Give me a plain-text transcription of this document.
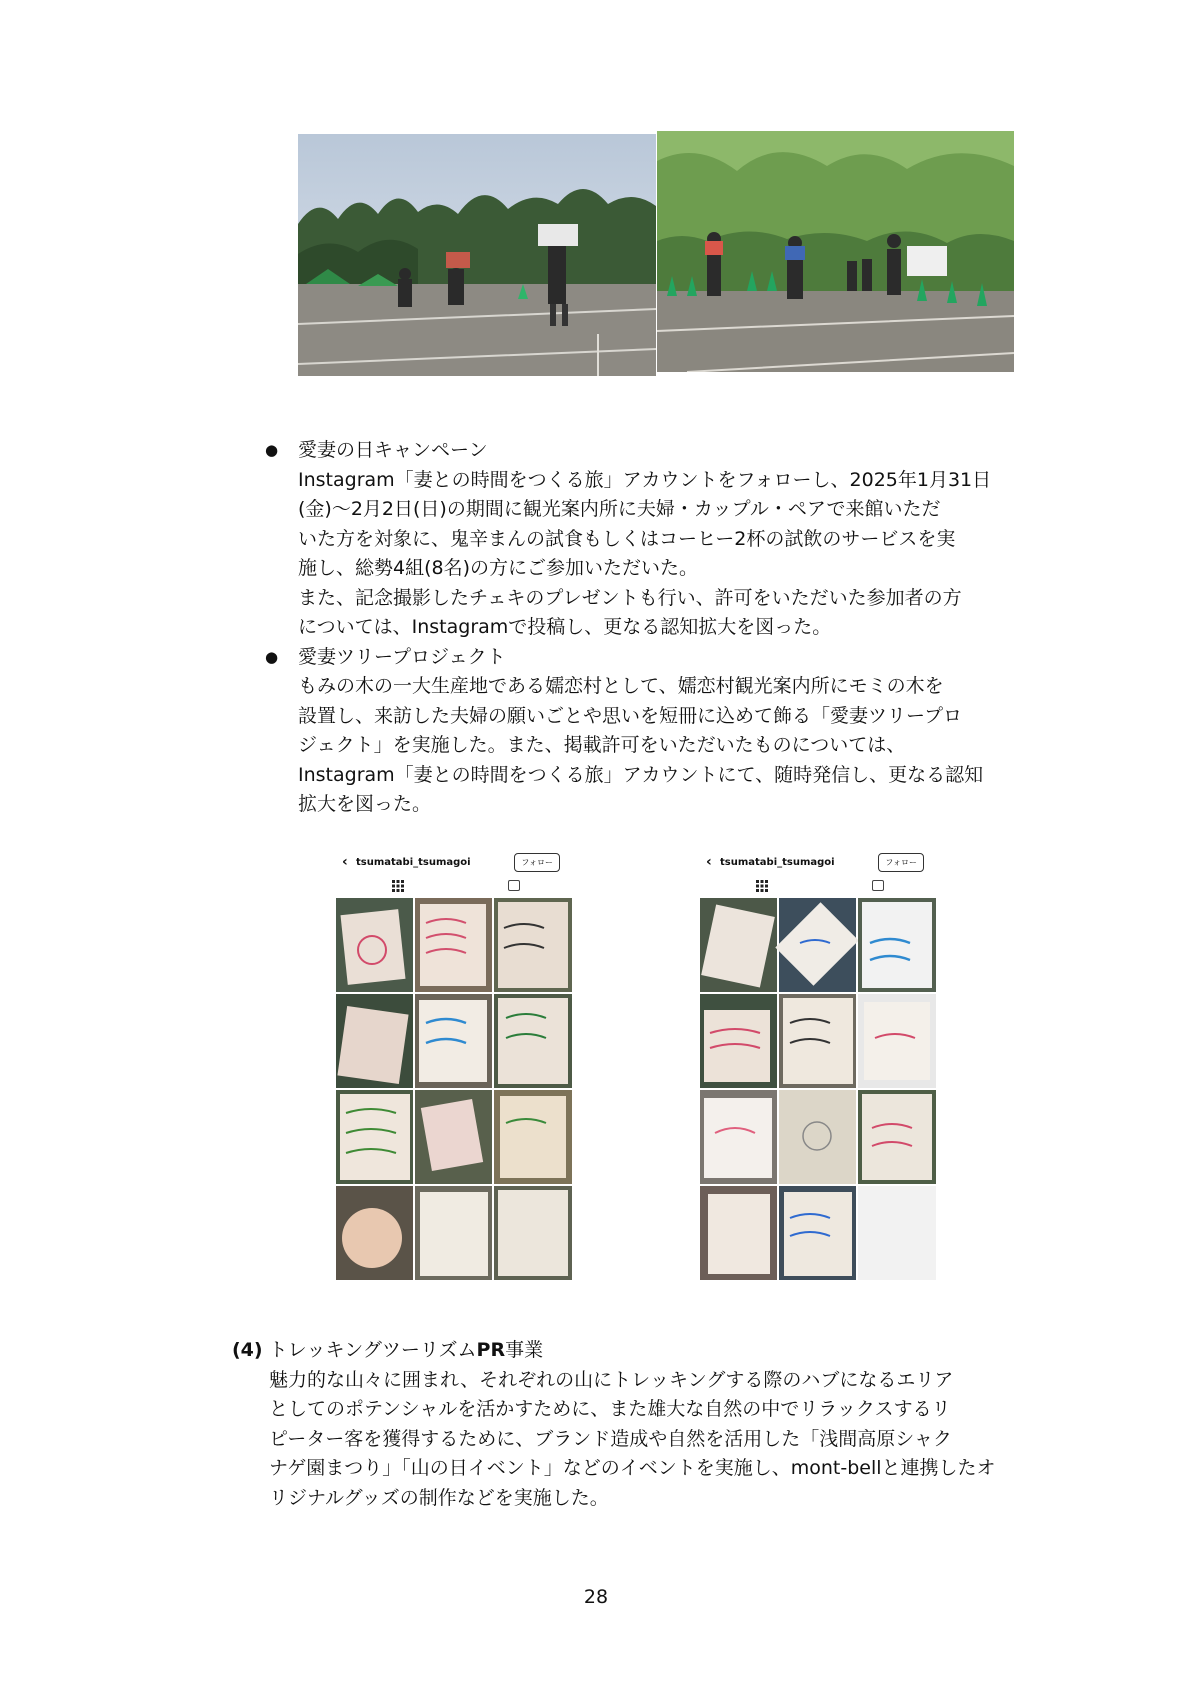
● 愛妻の日キャンペーン
Instagram「妻との時間をつくる旅」アカウントをフォローし、2025年1月31日
(金)〜2月2日(日)の期間に観光案内所に夫婦・カップル・ペアで来館いただ
いた方を対象に、鬼辛まんの試食もしくはコーヒー2杯の試飲のサービスを実
施し、総勢4組(8名)の方にご参加いただいた。
また、記念撮影したチェキのプレゼントも行い、許可をいただいた参加者の方
については、Instagramで投稿し、更なる認知拡大を図った。
● 愛妻ツリープロジェクト
もみの木の一大生産地である嬬恋村として、嬬恋村観光案内所にモミの木を
設置し、来訪した夫婦の願いごとや思いを短冊に込めて飾る「愛妻ツリープロ
ジェクト」を実施した。また、掲載許可をいただいたものについては、
Instagram「妻との時間をつくる旅」アカウントにて、随時発信し、更なる認知
拡大を図った。
‹ tsumatabi_tsumagoi	フォロー	‹ tsumatabi_tsumagoi	フォロー
(4) トレッキングツーリズムPR事業
魅力的な山々に囲まれ、それぞれの山にトレッキングする際のハブになるエリア
としてのポテンシャルを活かすために、また雄大な自然の中でリラックスするリ
ピーター客を獲得するために、ブランド造成や自然を活用した「浅間高原シャク
ナゲ園まつり」「山の日イベント」などのイベントを実施し、mont-bellと連携したオ
リジナルグッズの制作などを実施した。
28
